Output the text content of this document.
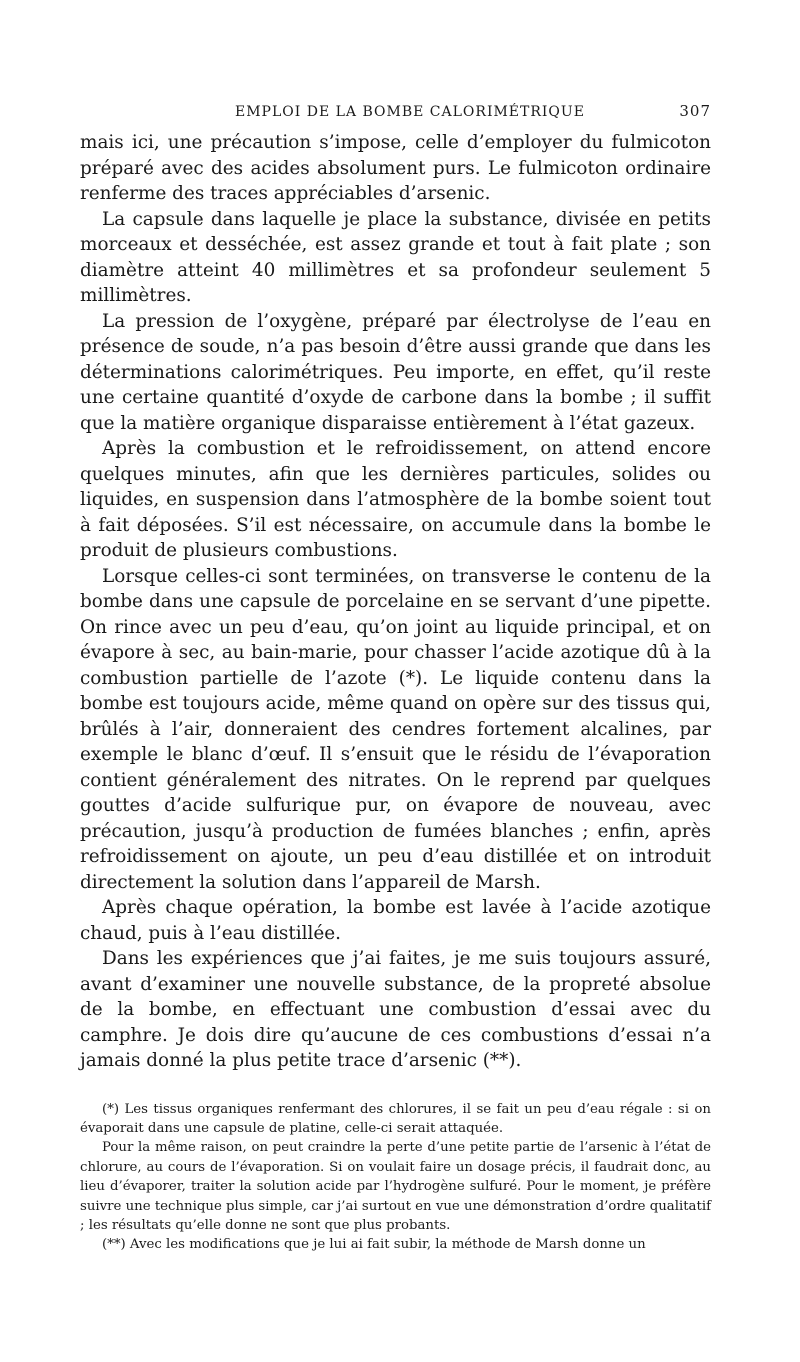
EMPLOI DE LA BOMBE CALORIMÉTRIQUE	307

mais ici, une précaution s’impose, celle d’employer du fulmicoton préparé avec des acides absolument purs. Le fulmicoton ordinaire renferme des traces appréciables d’arsenic.

La capsule dans laquelle je place la substance, divisée en petits morceaux et desséchée, est assez grande et tout à fait plate ; son diamètre atteint 40 millimètres et sa profondeur seulement 5 millimètres.

La pression de l’oxygène, préparé par électrolyse de l’eau en présence de soude, n’a pas besoin d’être aussi grande que dans les déterminations calorimétriques. Peu importe, en effet, qu’il reste une certaine quantité d’oxyde de carbone dans la bombe ; il suffit que la matière organique disparaisse entièrement à l’état gazeux.

Après la combustion et le refroidissement, on attend encore quelques minutes, afin que les dernières particules, solides ou liquides, en suspension dans l’atmosphère de la bombe soient tout à fait déposées. S’il est nécessaire, on accumule dans la bombe le produit de plusieurs combustions.

Lorsque celles-ci sont terminées, on transverse le contenu de la bombe dans une capsule de porcelaine en se servant d’une pipette. On rince avec un peu d’eau, qu’on joint au liquide principal, et on évapore à sec, au bain-marie, pour chasser l’acide azotique dû à la combustion partielle de l’azote (*). Le liquide contenu dans la bombe est toujours acide, même quand on opère sur des tissus qui, brûlés à l’air, donneraient des cendres fortement alcalines, par exemple le blanc d’œuf. Il s’ensuit que le résidu de l’évaporation contient généralement des nitrates. On le reprend par quelques gouttes d’acide sulfurique pur, on évapore de nouveau, avec précaution, jusqu’à production de fumées blanches ; enfin, après refroidissement on ajoute, un peu d’eau distillée et on introduit directement la solution dans l’appareil de Marsh.

Après chaque opération, la bombe est lavée à l’acide azotique chaud, puis à l’eau distillée.

Dans les expériences que j’ai faites, je me suis toujours assuré, avant d’examiner une nouvelle substance, de la propreté absolue de la bombe, en effectuant une combustion d’essai avec du camphre. Je dois dire qu’aucune de ces combustions d’essai n’a jamais donné la plus petite trace d’arsenic (**).

(*) Les tissus organiques renfermant des chlorures, il se fait un peu d’eau régale : si on évaporait dans une capsule de platine, celle-ci serait attaquée.

Pour la même raison, on peut craindre la perte d’une petite partie de l’arsenic à l’état de chlorure, au cours de l’évaporation. Si on voulait faire un dosage précis, il faudrait donc, au lieu d’évaporer, traiter la solution acide par l’hydrogène sulfuré. Pour le moment, je préfère suivre une technique plus simple, car j’ai surtout en vue une démonstration d’ordre qualitatif ; les résultats qu’elle donne ne sont que plus probants.

(**) Avec les modifications que je lui ai fait subir, la méthode de Marsh donne un
